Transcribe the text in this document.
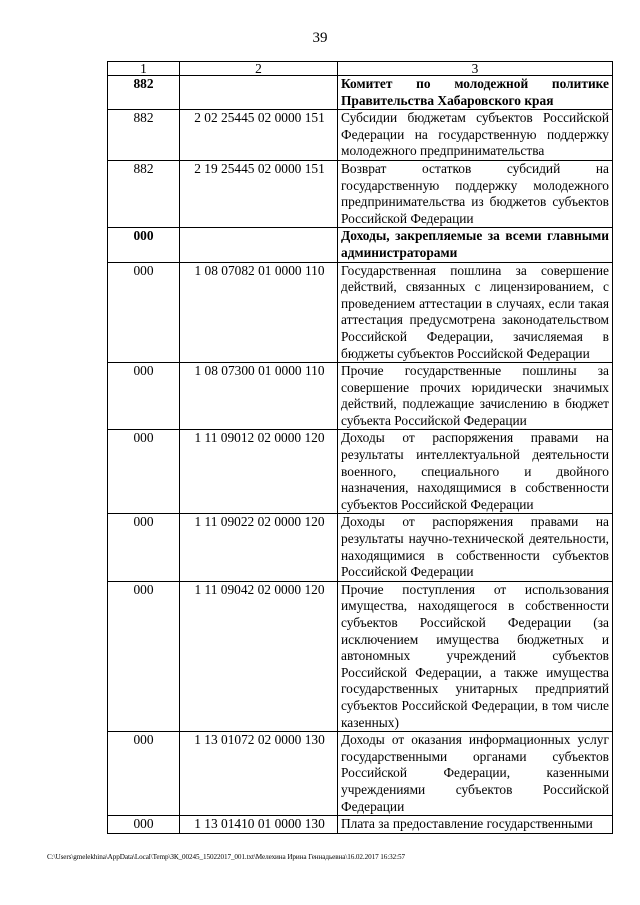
39
1	2	3
882		Комитет по молодежной политике Правительства Хабаровского края
882	2 02 25445 02 0000 151	Субсидии бюджетам субъектов Российской Федерации на государственную поддержку молодежного предпринимательства
882	2 19 25445 02 0000 151	Возврат остатков субсидий на государственную поддержку молодежного предпринимательства из бюджетов субъектов Российской Федерации
000		Доходы, закрепляемые за всеми главными администраторами
000	1 08 07082 01 0000 110	Государственная пошлина за совершение действий, связанных с лицензированием, с проведением аттестации в случаях, если такая аттестация предусмотрена законодательством Российской Федерации, зачисляемая в бюджеты субъектов Российской Федерации
000	1 08 07300 01 0000 110	Прочие государственные пошлины за совершение прочих юридически значимых действий, подлежащие зачислению в бюджет субъекта Российской Федерации
000	1 11 09012 02 0000 120	Доходы от распоряжения правами на результаты интеллектуальной деятельности военного, специального и двойного назначения, находящимися в собственности субъектов Российской Федерации
000	1 11 09022 02 0000 120	Доходы от распоряжения правами на результаты научно-технической деятельности, находящимися в собственности субъектов Российской Федерации
000	1 11 09042 02 0000 120	Прочие поступления от использования имущества, находящегося в собственности субъектов Российской Федерации (за исключением имущества бюджетных и автономных учреждений субъектов Российской Федерации, а также имущества государственных унитарных предприятий субъектов Российской Федерации, в том числе казенных)
000	1 13 01072 02 0000 130	Доходы от оказания информационных услуг государственными органами субъектов Российской Федерации, казенными учреждениями субъектов Российской Федерации
000	1 13 01410 01 0000 130	Плата за предоставление государственными
C:\Users\gmelekhina\AppData\Local\Temp\ЗК_00245_15022017_001.txt\Мелехина Ирина Геннадьевна\16.02.2017 16:32:57
